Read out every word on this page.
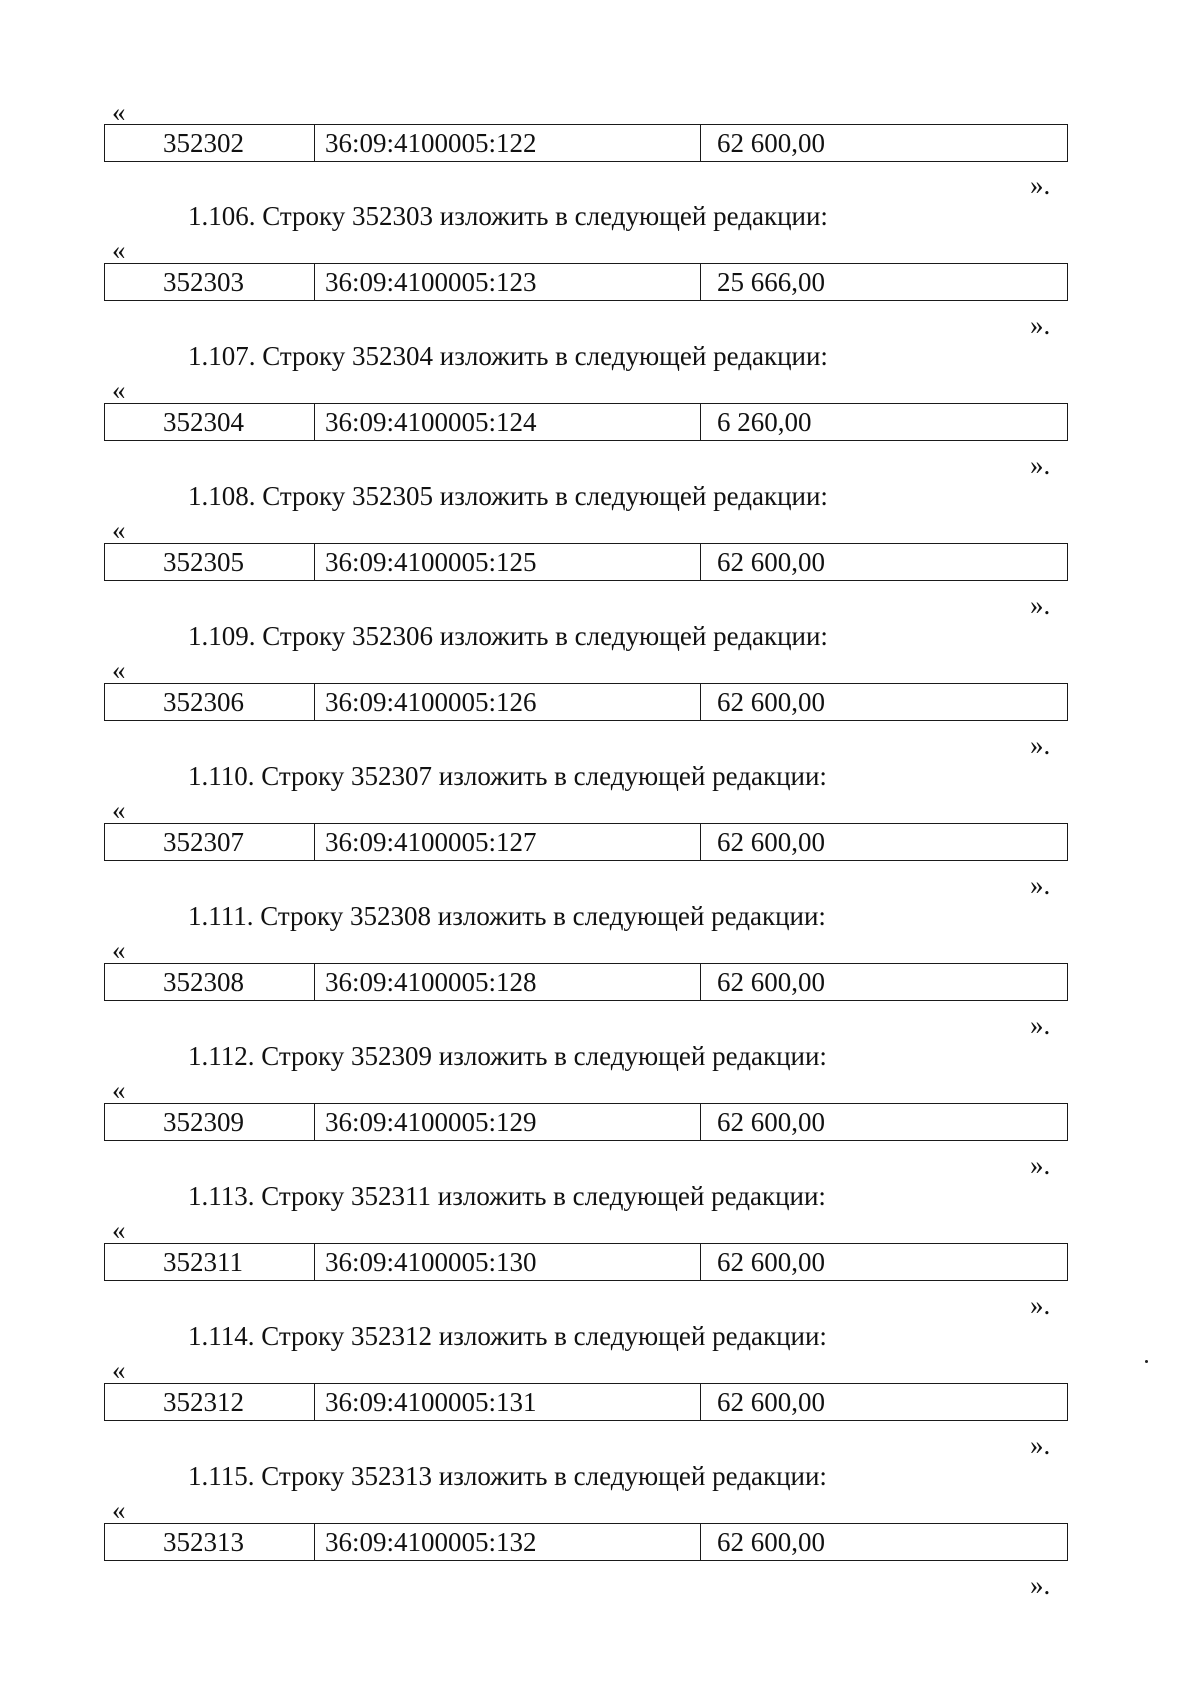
«
352302	36:09:4100005:122	62 600,00
».
1.106. Строку 352303 изложить в следующей редакции:
«
352303	36:09:4100005:123	25 666,00
».
1.107. Строку 352304 изложить в следующей редакции:
«
352304	36:09:4100005:124	6 260,00
».
1.108. Строку 352305 изложить в следующей редакции:
«
352305	36:09:4100005:125	62 600,00
».
1.109. Строку 352306 изложить в следующей редакции:
«
352306	36:09:4100005:126	62 600,00
».
1.110. Строку 352307 изложить в следующей редакции:
«
352307	36:09:4100005:127	62 600,00
».
1.111. Строку 352308 изложить в следующей редакции:
«
352308	36:09:4100005:128	62 600,00
».
1.112. Строку 352309 изложить в следующей редакции:
«
352309	36:09:4100005:129	62 600,00
».
1.113. Строку 352311 изложить в следующей редакции:
«
352311	36:09:4100005:130	62 600,00
».
1.114. Строку 352312 изложить в следующей редакции:
«
352312	36:09:4100005:131	62 600,00
».
1.115. Строку 352313 изложить в следующей редакции:
«
352313	36:09:4100005:132	62 600,00
».
